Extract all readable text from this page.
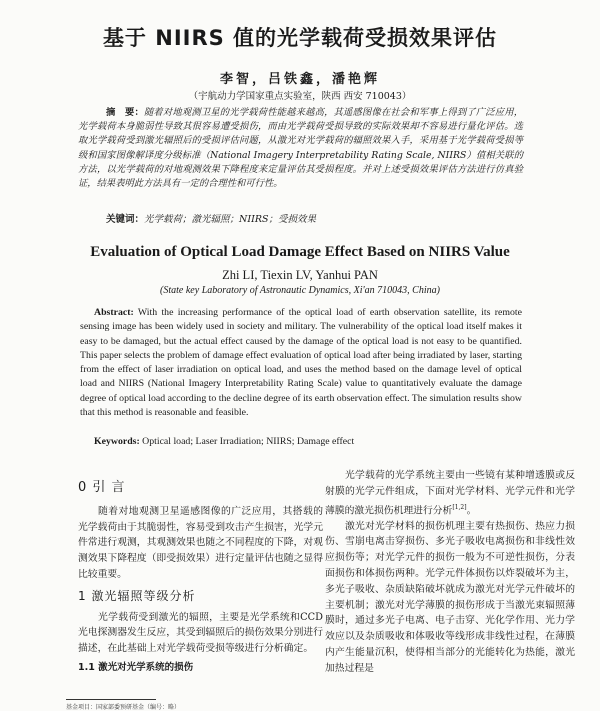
基于 NIIRS 值的光学载荷受损效果评估
李智，吕铁鑫，潘艳辉
（宇航动力学国家重点实验室，陕西 西安 710043）
摘　要：随着对地观测卫星的光学载荷性能越来越高，其遥感图像在社会和军事上得到了广泛应用，光学载荷本身脆弱性导致其很容易遭受损伤，而由光学载荷受损导致的实际效果却不容易进行量化评估。选取光学载荷受到激光辐照后的受损评估问题，从激光对光学载荷的辐照效果入手，采用基于光学载荷受损等级和国家图像解译度分级标准（National Imagery Interpretability Rating Scale, NIIRS）值相关联的方法，以光学载荷的对地观测效果下降程度来定量评估其受损程度。并对上述受损效果评估方法进行仿真验证，结果表明此方法具有一定的合理性和可行性。
关键词：光学载荷；激光辐照；NIIRS；受损效果
Evaluation of Optical Load Damage Effect Based on NIIRS Value
Zhi LI, Tiexin LV, Yanhui PAN
(State key Laboratory of Astronautic Dynamics, Xi'an 710043, China)
Abstract: With the increasing performance of the optical load of earth observation satellite, its remote sensing image has been widely used in society and military. The vulnerability of the optical load itself makes it easy to be damaged, but the actual effect caused by the damage of the optical load is not easy to be quantified. This paper selects the problem of damage effect evaluation of optical load after being irradiated by laser, starting from the effect of laser irradiation on optical load, and uses the method based on the damage level of optical load and NIIRS (National Imagery Interpretability Rating Scale) value to quantitatively evaluate the damage degree of optical load according to the decline degree of its earth observation effect. The simulation results show that this method is reasonable and feasible.
Keywords: Optical load; Laser Irradiation; NIIRS; Damage effect
0 引 言

随着对地观测卫星遥感图像的广泛应用，其搭载的光学载荷由于其脆弱性，容易受到攻击产生损害，光学元件常进行观测，其观测效果也随之不同程度的下降，对观测效果下降程度（即受损效果）进行定量评估也随之显得比较重要。

1 激光辐照等级分析

光学载荷受到激光的辐照，主要是光学系统和CCD光电探测器发生反应，其受到辐照后的损伤效果分别进行描述，在此基础上对光学载荷受损等级进行分析确定。

1.1 激光对光学系统的损伤

光学载荷的光学系统主要由一些镜有某种增透膜或反射膜的光学元件组成，下面对光学材料、光学元件和光学薄膜的激光损伤机理进行分析[1,2]。

激光对光学材料的损伤机理主要有热损伤、热应力损伤、雪崩电离击穿损伤、多光子吸收电离损伤和非线性效应损伤等；对光学元件的损伤一般为不可逆性损伤，分表面损伤和体损伤两种。光学元件体损伤以炸裂破坏为主，多光子吸收、杂质缺陷破坏就成为激光对光学元件破坏的主要机制；激光对光学薄膜的损伤形成于当激光束辐照薄膜时，通过多光子电离、电子击穿、光化学作用、光力学效应以及杂质吸收和体吸收等线形成非线性过程，在薄膜内产生能量沉积，使得相当部分的光能转化为热能，激光加热过程是

基金项目：国家部委预研基金（编号：略）
